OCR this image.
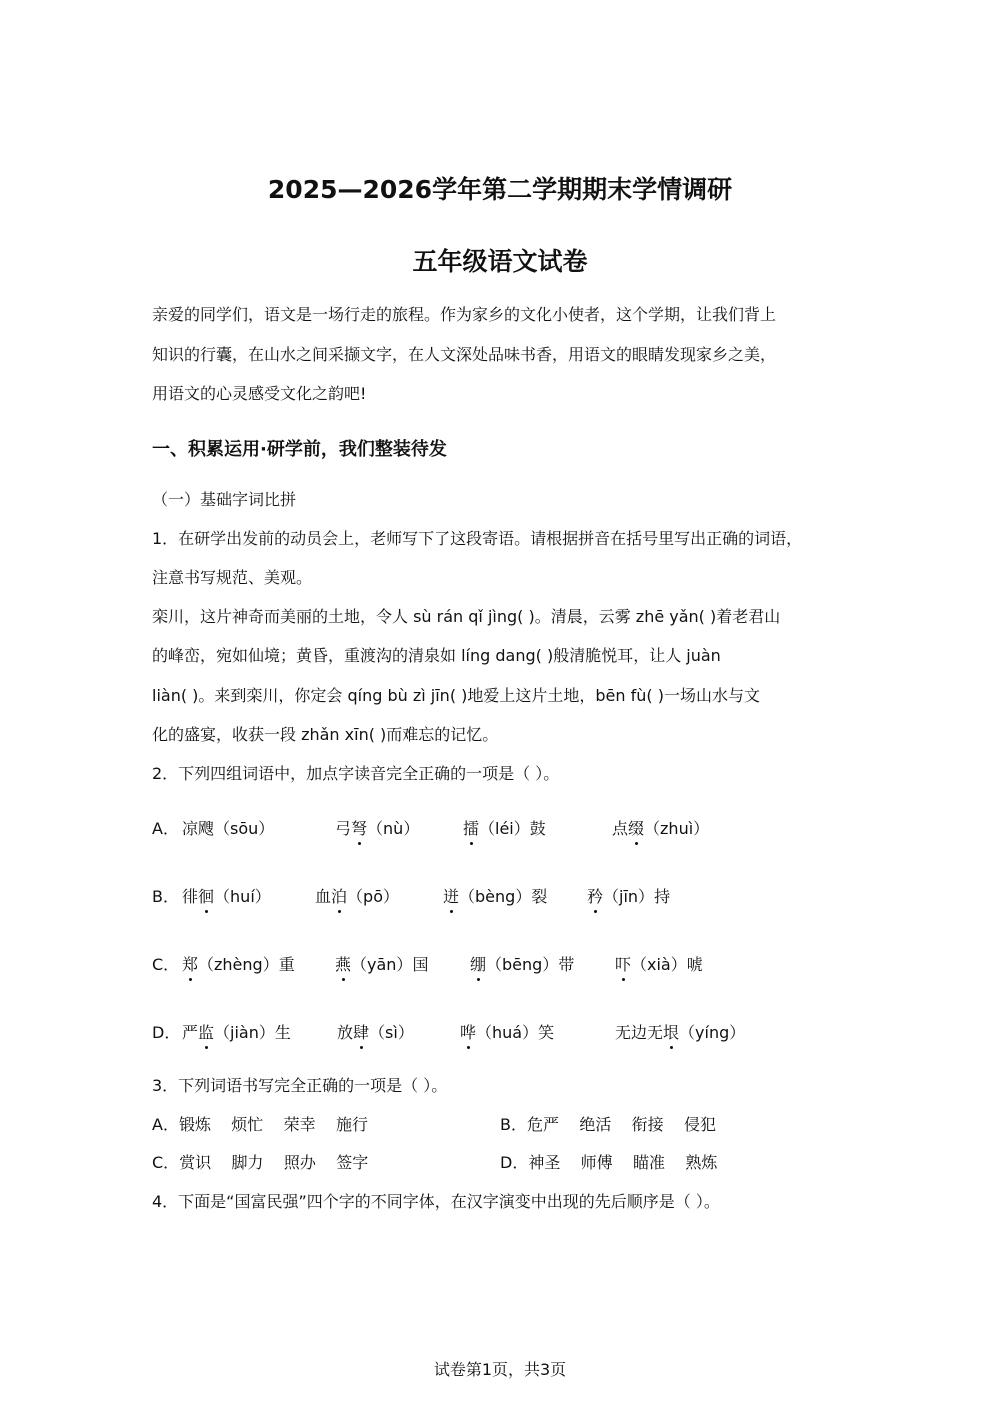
2025—2026学年第二学期期末学情调研
五年级语文试卷
亲爱的同学们，语文是一场行走的旅程。作为家乡的文化小使者，这个学期，让我们背上
知识的行囊，在山水之间采撷文字，在人文深处品味书香，用语文的眼睛发现家乡之美，
用语文的心灵感受文化之韵吧!
一、积累运用·研学前，我们整装待发
（一）基础字词比拼
1．在研学出发前的动员会上，老师写下了这段寄语。请根据拼音在括号里写出正确的词语，
注意书写规范、美观。
栾川，这片神奇而美丽的土地，令人 sù rán qǐ jìng( )。清晨，云雾 zhē yǎn( )着老君山
的峰峦，宛如仙境；黄昏，重渡沟的清泉如 líng dang( )般清脆悦耳，让人 juàn
liàn( )。来到栾川，你定会 qíng bù zì jīn( )地爱上这片土地，bēn fù( )一场山水与文
化的盛宴，收获一段 zhǎn xīn( )而难忘的记忆。
2．下列四组词语中，加点字读音完全正确的一项是（ ）。
A． 凉飕（sōu）	弓弩（nù）	擂（léi）鼓	点缀（zhuì）
B． 徘徊（huí）	血泊（pō）	迸（bèng）裂 矜（jīn）持
C． 郑（zhèng）重	燕（yān）国	绷（bēng）带	吓（xià）唬
D． 严监（jiàn）生	放肆（sì）	哗（huá）笑	无边无垠（yíng）
3．下列词语书写完全正确的一项是（ ）。
A．锻炼    烦忙    荣幸    施行	B．危严    绝活    衔接    侵犯
C．赏识    脚力    照办    签字	D．神圣    师傅    瞄准    熟炼
4．下面是“国富民强”四个字的不同字体，在汉字演变中出现的先后顺序是（ ）。
试卷第1页，共3页
